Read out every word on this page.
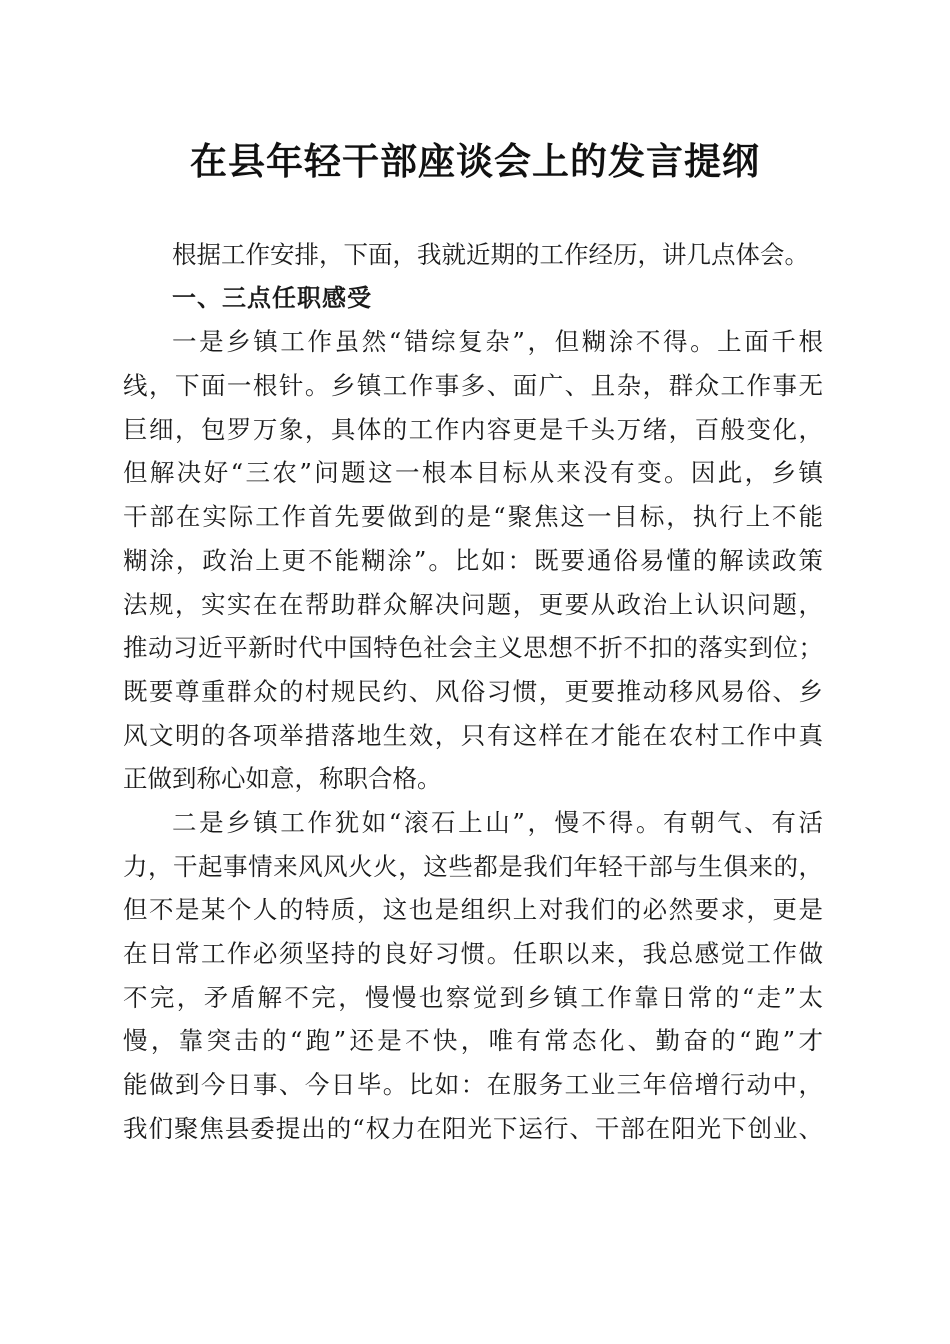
在县年轻干部座谈会上的发言提纲
根据工作安排，下面，我就近期的工作经历，讲几点体会。
一、三点任职感受
一是乡镇工作虽然“错综复杂”，但糊涂不得。上面千根
线，下面一根针。乡镇工作事多、面广、且杂，群众工作事无
巨细，包罗万象，具体的工作内容更是千头万绪，百般变化，
但解决好“三农”问题这一根本目标从来没有变。因此，乡镇
干部在实际工作首先要做到的是“聚焦这一目标，执行上不能
糊涂，政治上更不能糊涂”。比如：既要通俗易懂的解读政策
法规，实实在在帮助群众解决问题，更要从政治上认识问题，
推动习近平新时代中国特色社会主义思想不折不扣的落实到位；
既要尊重群众的村规民约、风俗习惯，更要推动移风易俗、乡
风文明的各项举措落地生效，只有这样在才能在农村工作中真
正做到称心如意，称职合格。
二是乡镇工作犹如“滚石上山”，慢不得。有朝气、有活
力，干起事情来风风火火，这些都是我们年轻干部与生俱来的，
但不是某个人的特质，这也是组织上对我们的必然要求，更是
在日常工作必须坚持的良好习惯。任职以来，我总感觉工作做
不完，矛盾解不完，慢慢也察觉到乡镇工作靠日常的“走”太
慢，靠突击的“跑”还是不快，唯有常态化、勤奋的“跑”才
能做到今日事、今日毕。比如：在服务工业三年倍增行动中，
我们聚焦县委提出的“权力在阳光下运行、干部在阳光下创业、
